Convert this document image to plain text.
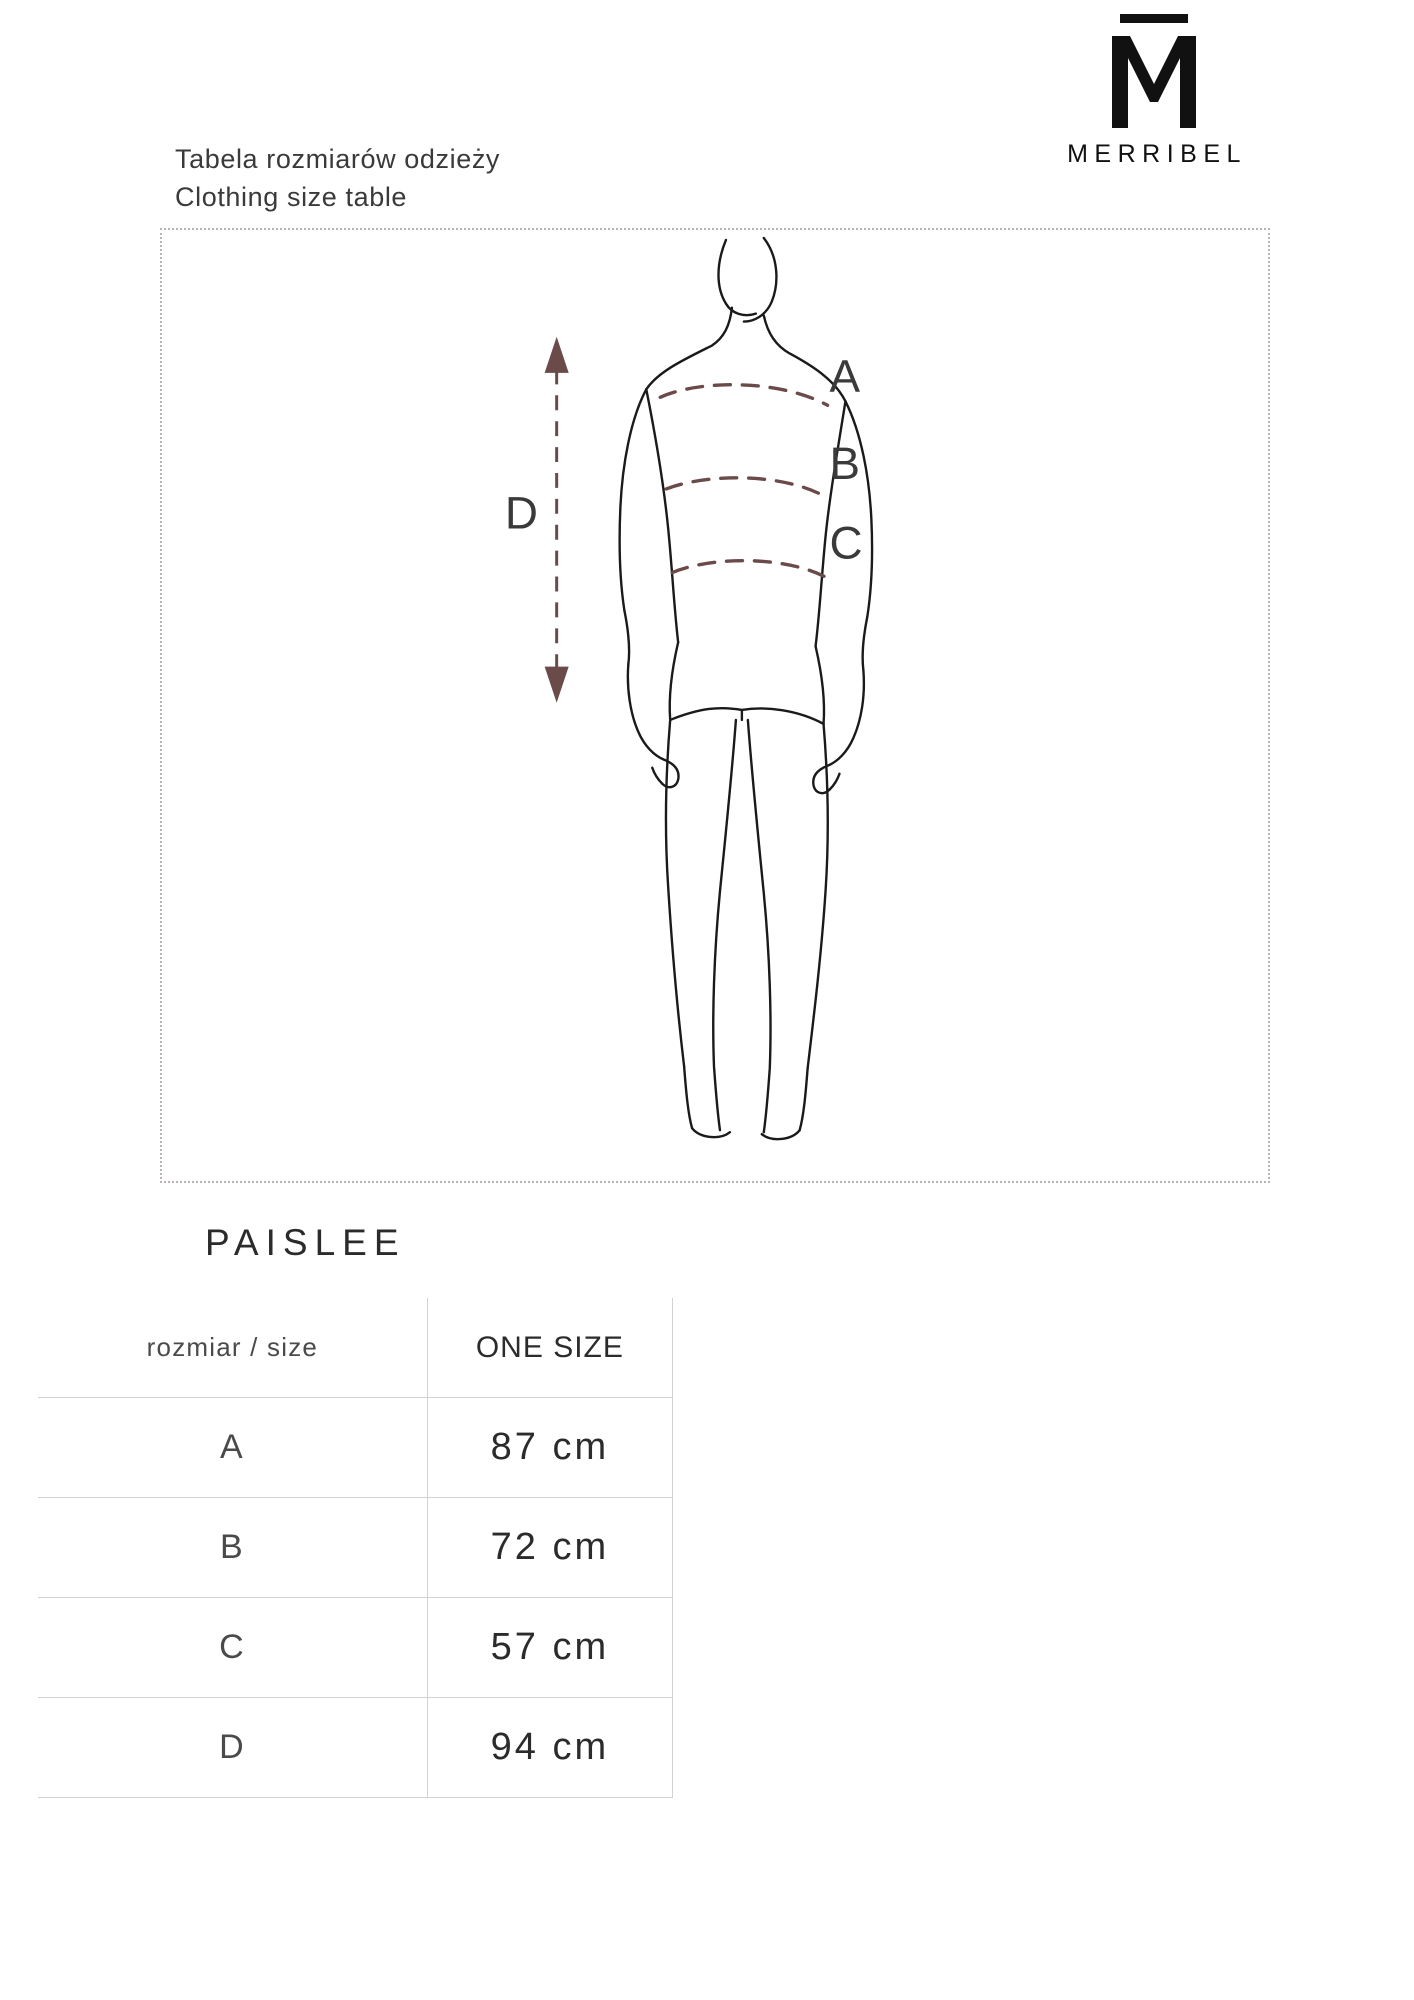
Tabela rozmiarów odzieży
Clothing size table
MERRIBEL
A
B
C
D
PAISLEE
rozmiar / size	ONE SIZE
A	87 cm
B	72 cm
C	57 cm
D	94 cm
